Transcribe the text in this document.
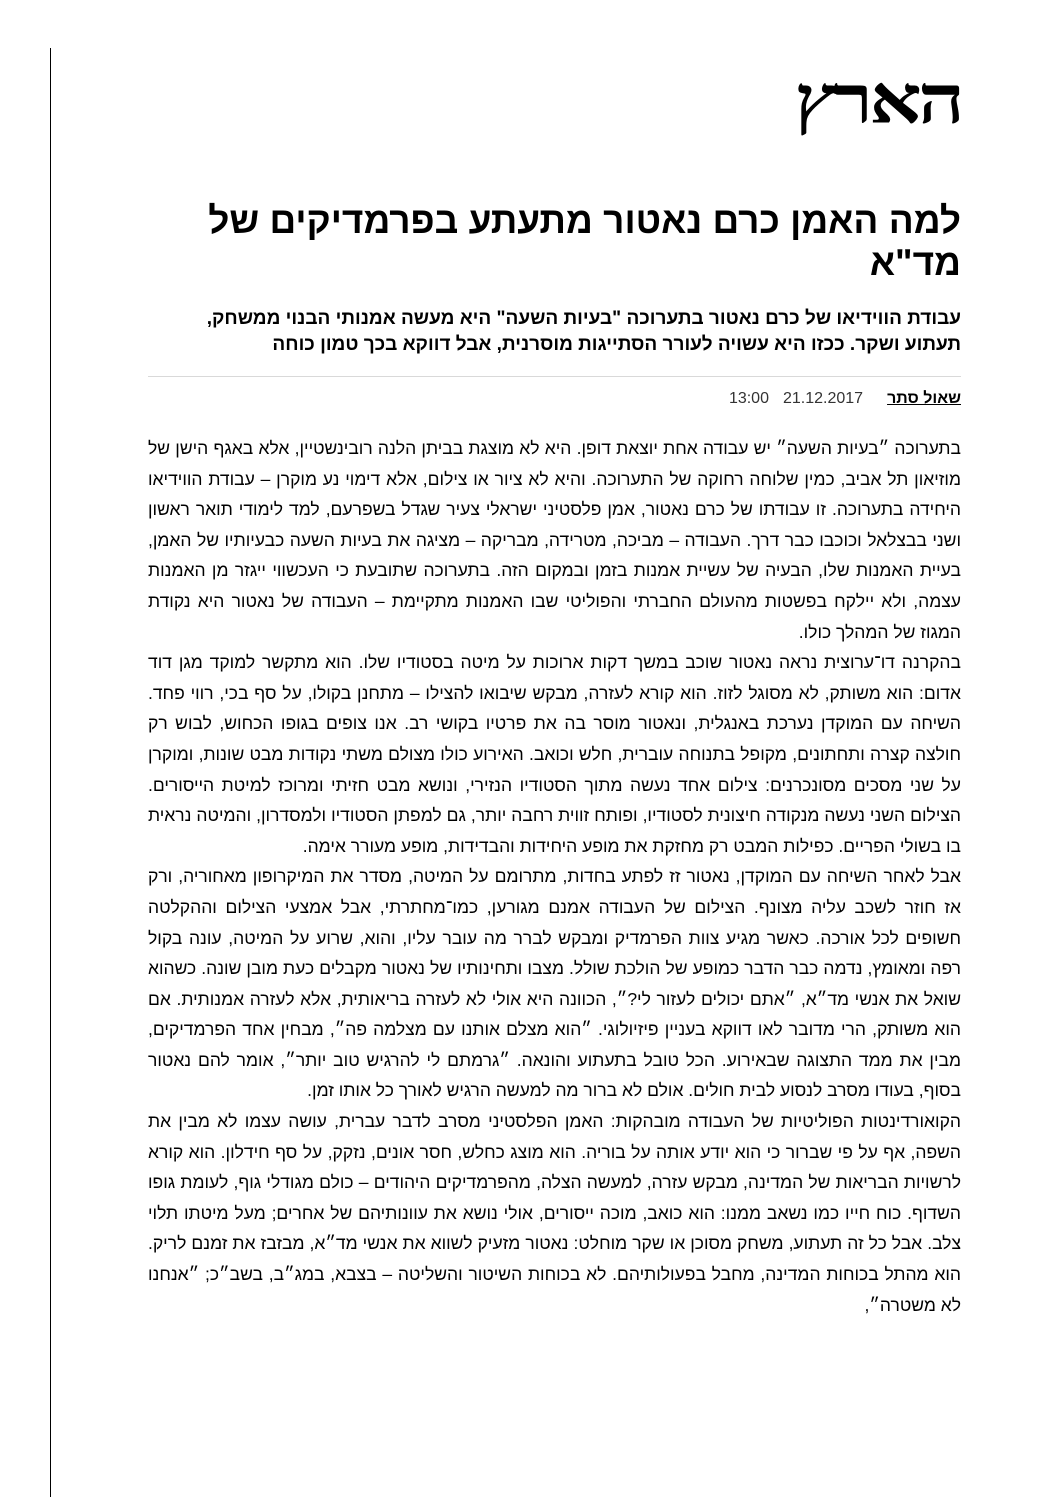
הארץ
למה האמן כרם נאטור מתעתע בפרמדיקים של מד"א
עבודת הווידיאו של כרם נאטור בתערוכה "בעיות השעה" היא מעשה אמנותי הבנוי ממשחק, תעתוע ושקר. ככזו היא עשויה לעורר הסתייגות מוסרנית, אבל דווקא בכך טמון כוחה
שאול סתר
13:00 21.12.2017

בתערוכה ״בעיות השעה״ יש עבודה אחת יוצאת דופן. היא לא מוצגת בביתן הלנה רובינשטיין, אלא באגף הישן של מוזיאון תל אביב, כמין שלוחה רחוקה של התערוכה. והיא לא ציור או צילום, אלא דימוי נע מוקרן – עבודת הווידיאו היחידה בתערוכה. זו עבודתו של כרם נאטור, אמן פלסטיני ישראלי צעיר שגדל בשפרעם, למד לימודי תואר ראשון ושני בבצלאל וכוכבו כבר דרך. העבודה – מביכה, מטרידה, מבריקה – מציגה את בעיות השעה כבעיותיו של האמן, בעיית האמנות שלו, הבעיה של עשיית אמנות בזמן ובמקום הזה. בתערוכה שתובעת כי העכשווי ייגזר מן האמנות עצמה, ולא יילקח בפשטות מהעולם החברתי והפוליטי שבו האמנות מתקיימת – העבודה של נאטור היא נקודת המגוז של המהלך כולו.

בהקרנה דו־ערוצית נראה נאטור שוכב במשך דקות ארוכות על מיטה בסטודיו שלו. הוא מתקשר למוקד מגן דוד אדום: הוא משותק, לא מסוגל לזוז. הוא קורא לעזרה, מבקש שיבואו להצילו – מתחנן בקולו, על סף בכי, רווי פחד. השיחה עם המוקדן נערכת באנגלית, ונאטור מוסר בה את פרטיו בקושי רב. אנו צופים בגופו הכחוש, לבוש רק חולצה קצרה ותחתונים, מקופל בתנוחה עוברית, חלש וכואב. האירוע כולו מצולם משתי נקודות מבט שונות, ומוקרן על שני מסכים מסונכרנים: צילום אחד נעשה מתוך הסטודיו הנזירי, ונושא מבט חזיתי ומרוכז למיטת הייסורים. הצילום השני נעשה מנקודה חיצונית לסטודיו, ופותח זווית רחבה יותר, גם למפתן הסטודיו ולמסדרון, והמיטה נראית בו בשולי הפריים. כפילות המבט רק מחזקת את מופע היחידות והבדידות, מופע מעורר אימה.

אבל לאחר השיחה עם המוקדן, נאטור זז לפתע בחדות, מתרומם על המיטה, מסדר את המיקרופון מאחוריה, ורק אז חוזר לשכב עליה מצונף. הצילום של העבודה אמנם מגורען, כמו־מחתרתי, אבל אמצעי הצילום וההקלטה חשופים לכל אורכה. כאשר מגיע צוות הפרמדיק ומבקש לברר מה עובר עליו, והוא, שרוע על המיטה, עונה בקול רפה ומאומץ, נדמה כבר הדבר כמופע של הולכת שולל. מצבו ותחינותיו של נאטור מקבלים כעת מובן שונה. כשהוא שואל את אנשי מד״א, ״אתם יכולים לעזור לי?״, הכוונה היא אולי לא לעזרה בריאותית, אלא לעזרה אמנותית. אם הוא משותק, הרי מדובר לאו דווקא בעניין פיזיולוגי. ״הוא מצלם אותנו עם מצלמה פה״, מבחין אחד הפרמדיקים, מבין את ממד התצוגה שבאירוע. הכל טובל בתעתוע והונאה. ״גרמתם לי להרגיש טוב יותר״, אומר להם נאטור בסוף, בעודו מסרב לנסוע לבית חולים. אולם לא ברור מה למעשה הרגיש לאורך כל אותו זמן.

הקואורדינטות הפוליטיות של העבודה מובהקות: האמן הפלסטיני מסרב לדבר עברית, עושה עצמו לא מבין את השפה, אף על פי שברור כי הוא יודע אותה על בוריה. הוא מוצג כחלש, חסר אונים, נזקק, על סף חידלון. הוא קורא לרשויות הבריאות של המדינה, מבקש עזרה, למעשה הצלה, מהפרמדיקים היהודים – כולם מגודלי גוף, לעומת גופו השדוף. כוח חייו כמו נשאב ממנו: הוא כואב, מוכה ייסורים, אולי נושא את עוונותיהם של אחרים; מעל מיטתו תלוי צלב. אבל כל זה תעתוע, משחק מסוכן או שקר מוחלט: נאטור מזעיק לשווא את אנשי מד״א, מבזבז את זמנם לריק. הוא מהתל בכוחות המדינה, מחבל בפעולותיהם. לא בכוחות השיטור והשליטה – בצבא, במג״ב, בשב״כ; ״אנחנו לא משטרה״,
